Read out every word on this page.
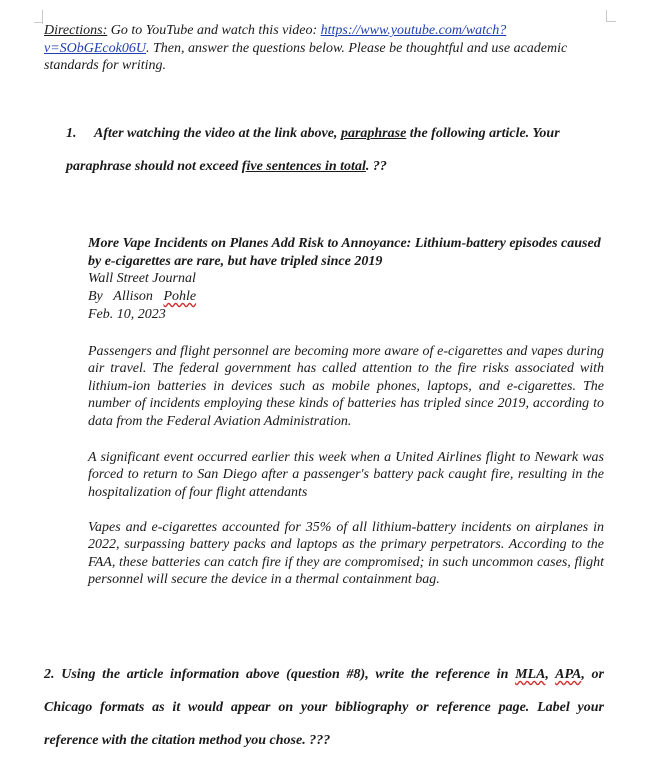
Directions: Go to YouTube and watch this video: https://www.youtube.com/watch?v=SObGEcok06U. Then, answer the questions below. Please be thoughtful and use academic standards for writing.
1. After watching the video at the link above, paraphrase the following article. Your
paraphrase should not exceed five sentences in total. ??
More Vape Incidents on Planes Add Risk to Annoyance: Lithium-battery episodes caused by e-cigarettes are rare, but have tripled since 2019
Wall Street Journal
By Allison Pohle
Feb. 10, 2023
Passengers and flight personnel are becoming more aware of e-cigarettes and vapes during air travel. The federal government has called attention to the fire risks associated with lithium-ion batteries in devices such as mobile phones, laptops, and e-cigarettes. The number of incidents employing these kinds of batteries has tripled since 2019, according to data from the Federal Aviation Administration.
A significant event occurred earlier this week when a United Airlines flight to Newark was forced to return to San Diego after a passenger's battery pack caught fire, resulting in the hospitalization of four flight attendants
Vapes and e-cigarettes accounted for 35% of all lithium-battery incidents on airplanes in 2022, surpassing battery packs and laptops as the primary perpetrators. According to the FAA, these batteries can catch fire if they are compromised; in such uncommon cases, flight personnel will secure the device in a thermal containment bag.
2. Using the article information above (question #8), write the reference in MLA, APA, or
Chicago formats as it would appear on your bibliography or reference page. Label your
reference with the citation method you chose. ???
